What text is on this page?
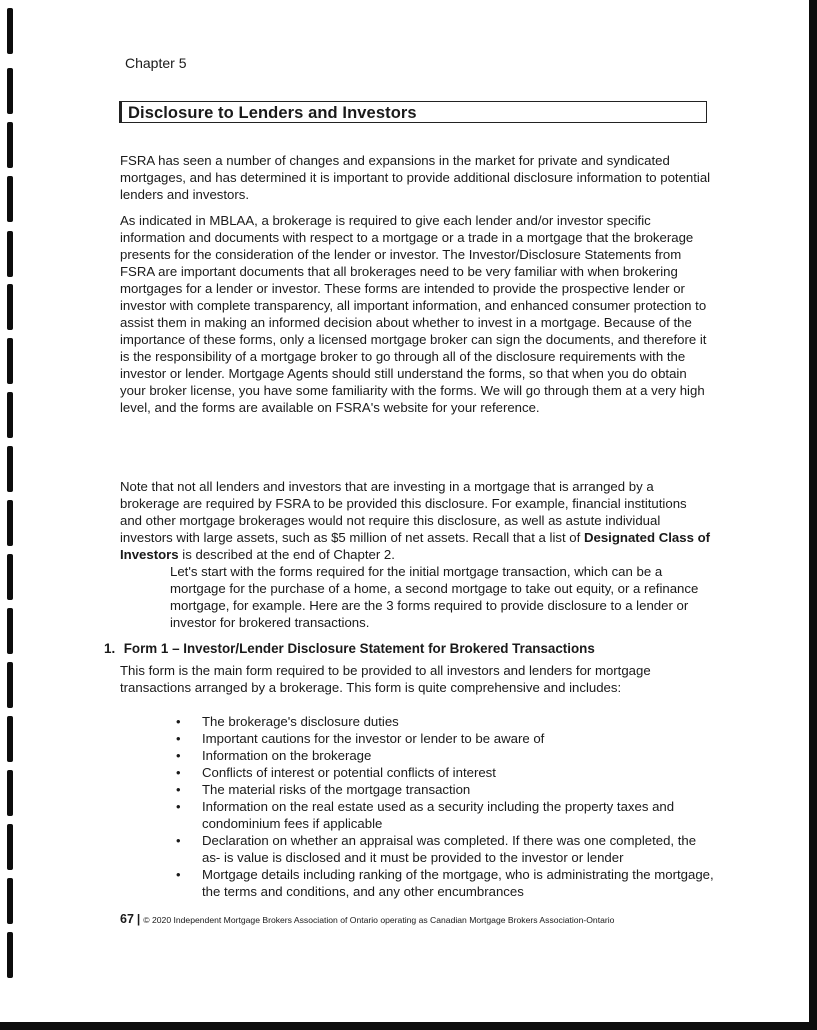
Chapter 5
Disclosure to Lenders and Investors

FSRA has seen a number of changes and expansions in the market for private and syndicated mortgages, and has determined it is important to provide additional disclosure information to potential lenders and investors.

As indicated in MBLAA, a brokerage is required to give each lender and/or investor specific information and documents with respect to a mortgage or a trade in a mortgage that the brokerage presents for the consideration of the lender or investor. The Investor/Disclosure Statements from FSRA are important documents that all brokerages need to be very familiar with when brokering mortgages for a lender or investor. These forms are intended to provide the prospective lender or investor with complete transparency, all important information, and enhanced consumer protection to assist them in making an informed decision about whether to invest in a mortgage. Because of the importance of these forms, only a licensed mortgage broker can sign the documents, and therefore it is the responsibility of a mortgage broker to go through all of the disclosure requirements with the investor or lender. Mortgage Agents should still understand the forms, so that when you do obtain your broker license, you have some familiarity with the forms. We will go through them at a very high level, and the forms are available on FSRA's website for your reference.

Note that not all lenders and investors that are investing in a mortgage that is arranged by a brokerage are required by FSRA to be provided this disclosure. For example, financial institutions and other mortgage brokerages would not require this disclosure, as well as astute individual investors with large assets, such as $5 million of net assets. Recall that a list of Designated Class of Investors is described at the end of Chapter 2.

Let's start with the forms required for the initial mortgage transaction, which can be a mortgage for the purchase of a home, a second mortgage to take out equity, or a refinance mortgage, for example. Here are the 3 forms required to provide disclosure to a lender or investor for brokered transactions.

1. Form 1 – Investor/Lender Disclosure Statement for Brokered Transactions

This form is the main form required to be provided to all investors and lenders for mortgage transactions arranged by a brokerage. This form is quite comprehensive and includes:

• The brokerage's disclosure duties
• Important cautions for the investor or lender to be aware of
• Information on the brokerage
• Conflicts of interest or potential conflicts of interest
• The material risks of the mortgage transaction
• Information on the real estate used as a security including the property taxes and condominium fees if applicable
• Declaration on whether an appraisal was completed. If there was one completed, the as- is value is disclosed and it must be provided to the investor or lender
• Mortgage details including ranking of the mortgage, who is administrating the mortgage, the terms and conditions, and any other encumbrances
67 | © 2020 Independent Mortgage Brokers Association of Ontario operating as Canadian Mortgage Brokers Association-Ontario
